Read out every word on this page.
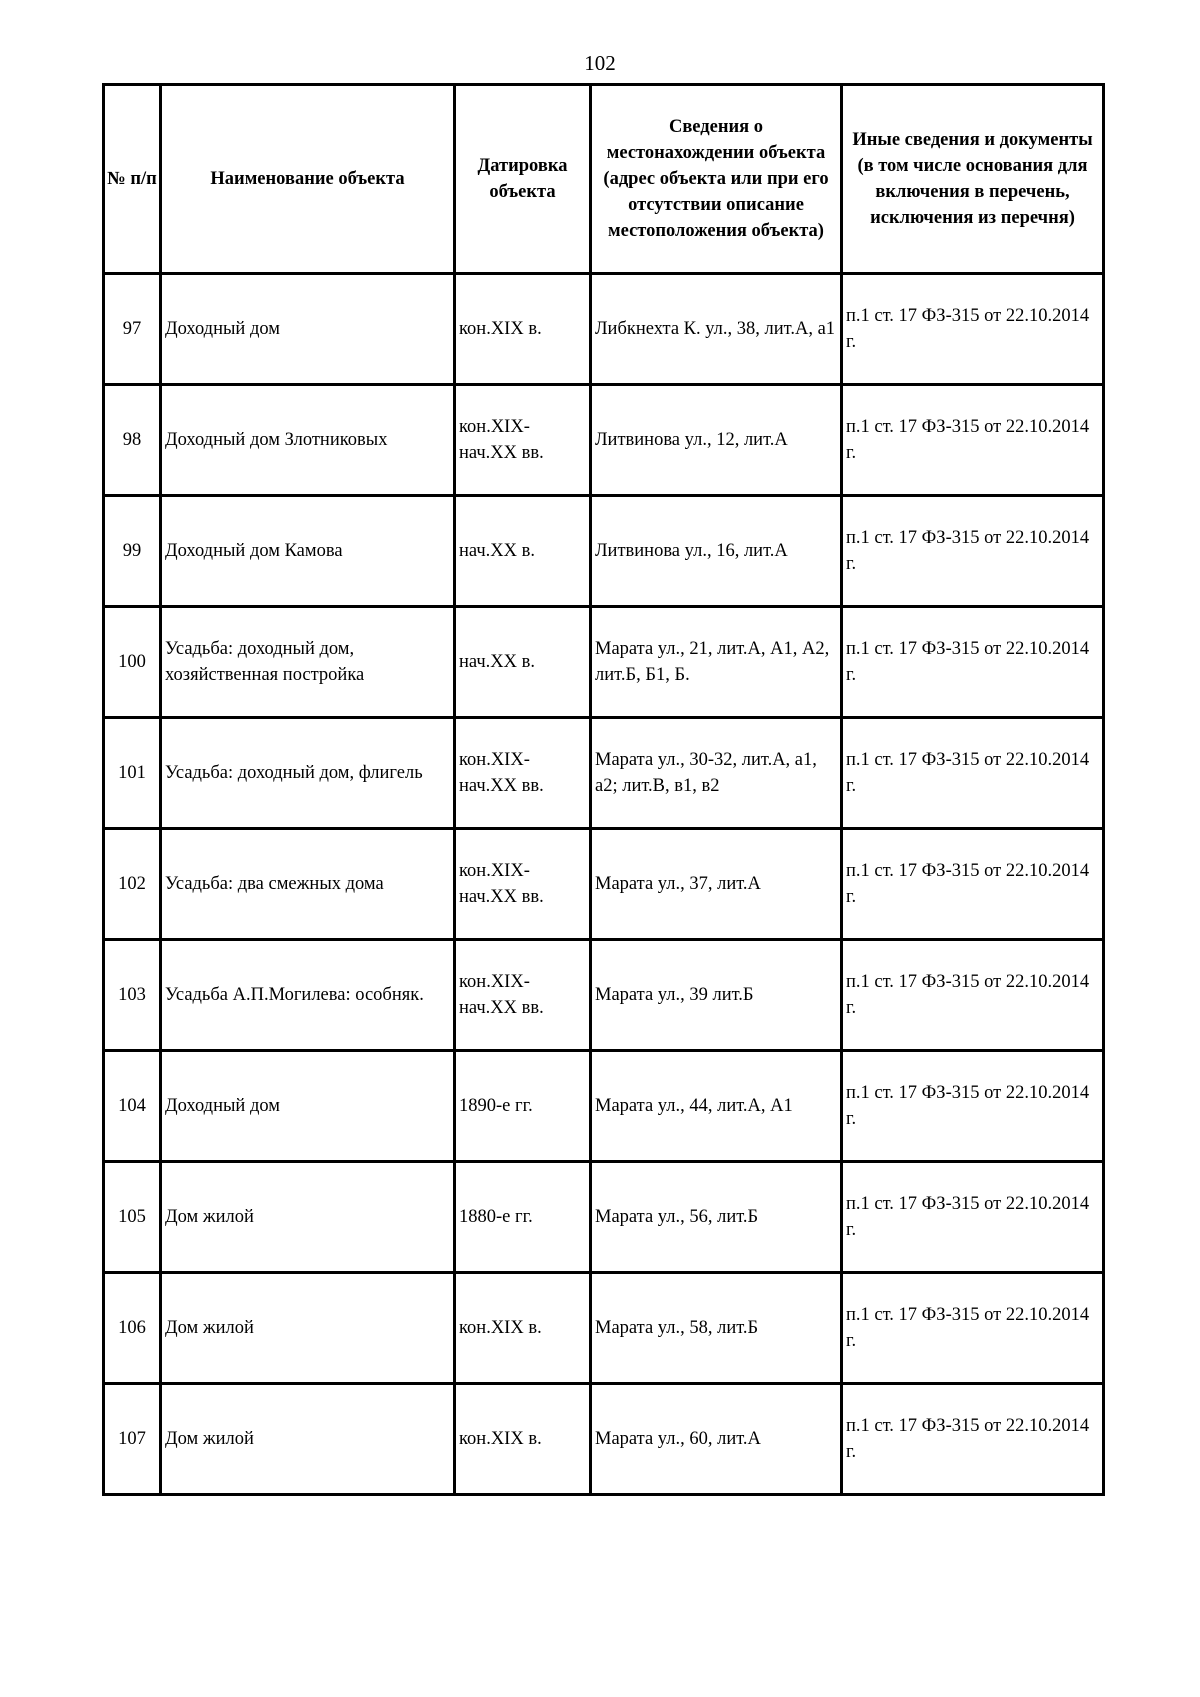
102
№ п/п	Наименование объекта	Датировка объекта	Сведения о местонахождении объекта (адрес объекта или при его отсутствии описание местоположения объекта)	Иные сведения и документы (в том числе основания для включения в перечень, исключения из перечня)
97	Доходный дом	кон.XIX в.	Либкнехта К. ул., 38, лит.А, а1	п.1 ст. 17 ФЗ-315 от 22.10.2014 г.
98	Доходный дом Злотниковых	кон.XIX-нач.XX вв.	Литвинова ул., 12, лит.А	п.1 ст. 17 ФЗ-315 от 22.10.2014 г.
99	Доходный дом Камова	нач.XX в.	Литвинова ул., 16, лит.А	п.1 ст. 17 ФЗ-315 от 22.10.2014 г.
100	Усадьба: доходный дом, хозяйственная постройка	нач.XX в.	Марата ул., 21, лит.А, А1, А2, лит.Б, Б1, Б.	п.1 ст. 17 ФЗ-315 от 22.10.2014 г.
101	Усадьба: доходный дом, флигель	кон.XIX-нач.XX вв.	Марата ул., 30-32, лит.А, а1, а2; лит.В, в1, в2	п.1 ст. 17 ФЗ-315 от 22.10.2014 г.
102	Усадьба: два смежных дома	кон.XIX-нач.XX вв.	Марата ул., 37, лит.А	п.1 ст. 17 ФЗ-315 от 22.10.2014 г.
103	Усадьба А.П.Могилева: особняк.	кон.XIX-нач.XX вв.	Марата ул., 39 лит.Б	п.1 ст. 17 ФЗ-315 от 22.10.2014 г.
104	Доходный дом	1890-е гг.	Марата ул., 44, лит.А, А1	п.1 ст. 17 ФЗ-315 от 22.10.2014 г.
105	Дом жилой	1880-е гг.	Марата ул., 56, лит.Б	п.1 ст. 17 ФЗ-315 от 22.10.2014 г.
106	Дом жилой	кон.XIX в.	Марата ул., 58, лит.Б	п.1 ст. 17 ФЗ-315 от 22.10.2014 г.
107	Дом жилой	кон.XIX в.	Марата ул., 60, лит.А	п.1 ст. 17 ФЗ-315 от 22.10.2014 г.
